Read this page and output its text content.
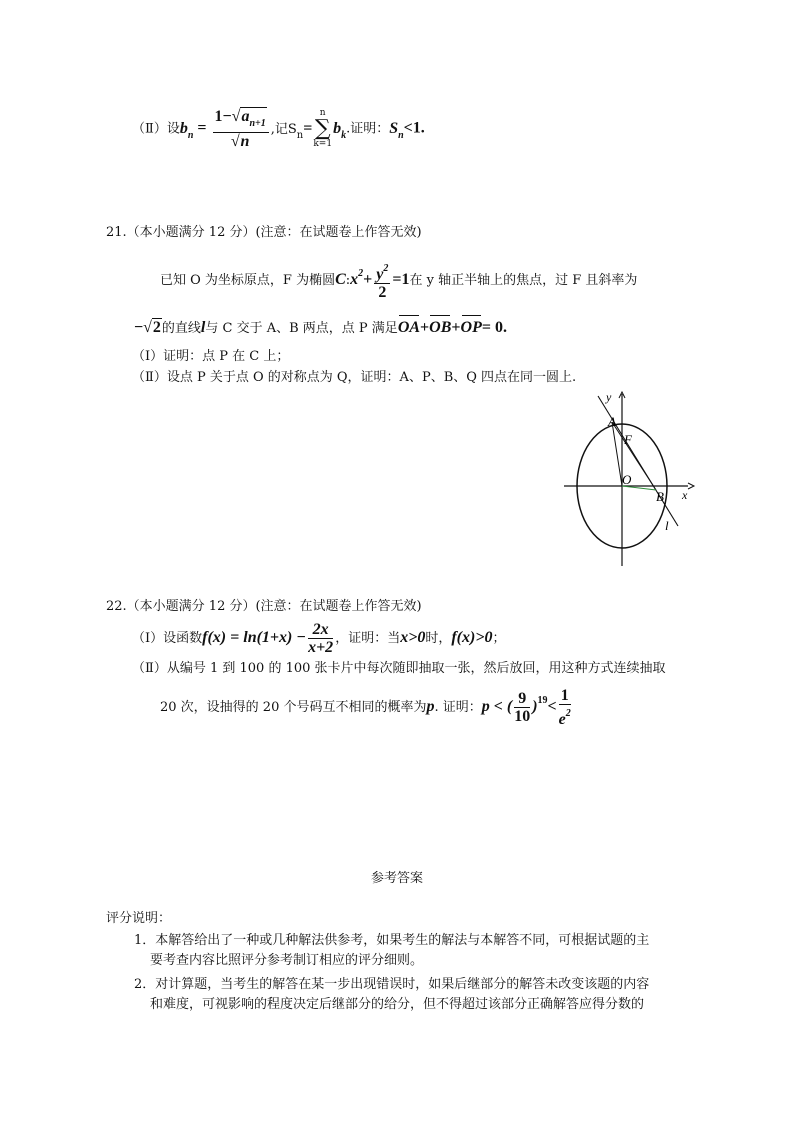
（Ⅱ）设$b_n = \frac{1-√a_{n+1}}{√n}$ ,记$S_n=n$
∑
$k=1b_k$.证明：$S_n<1$.
21.（本小题满分 12 分）(注意：在试题卷上作答无效)
已知 O 为坐标原点，F 为椭圆$C:x^2+ \frac{y^2}{2} =1$在 y 轴正半轴上的焦点，过 F 且斜率为
−√2的直线l与 C 交于 A、B 两点，点 P 满足OA+OB+OP= 0.
（Ⅰ）证明：点 P 在 C 上；
（Ⅱ）设点 P 关于点 O 的对称点为 Q，证明：A、P、B、Q 四点在同一圆上.
y
x
A
F
O
B
l
22.（本小题满分 12 分）(注意：在试题卷上作答无效)
（Ⅰ）设函数$f(x) = \ln(1+x) - \frac{2x}{x+2}$ ，证明：当x>0时，f(x)>0；
（Ⅱ）从编号 1 到 100 的 100 张卡片中每次随即抽取一张，然后放回，用这种方式连续抽取
20 次，设抽得的 20 个号码互不相同的概率为p. 证明：p < ( $\frac{9}{10} )^{19}< \frac{1}{e^2}$
参考答案
评分说明：
1．本解答给出了一种或几种解法供参考，如果考生的解法与本解答不同，可根据试题的主
要考查内容比照评分参考制订相应的评分细则。
2．对计算题，当考生的解答在某一步出现错误时，如果后继部分的解答未改变该题的内容
和难度，可视影响的程度决定后继部分的给分，但不得超过该部分正确解答应得分数的
